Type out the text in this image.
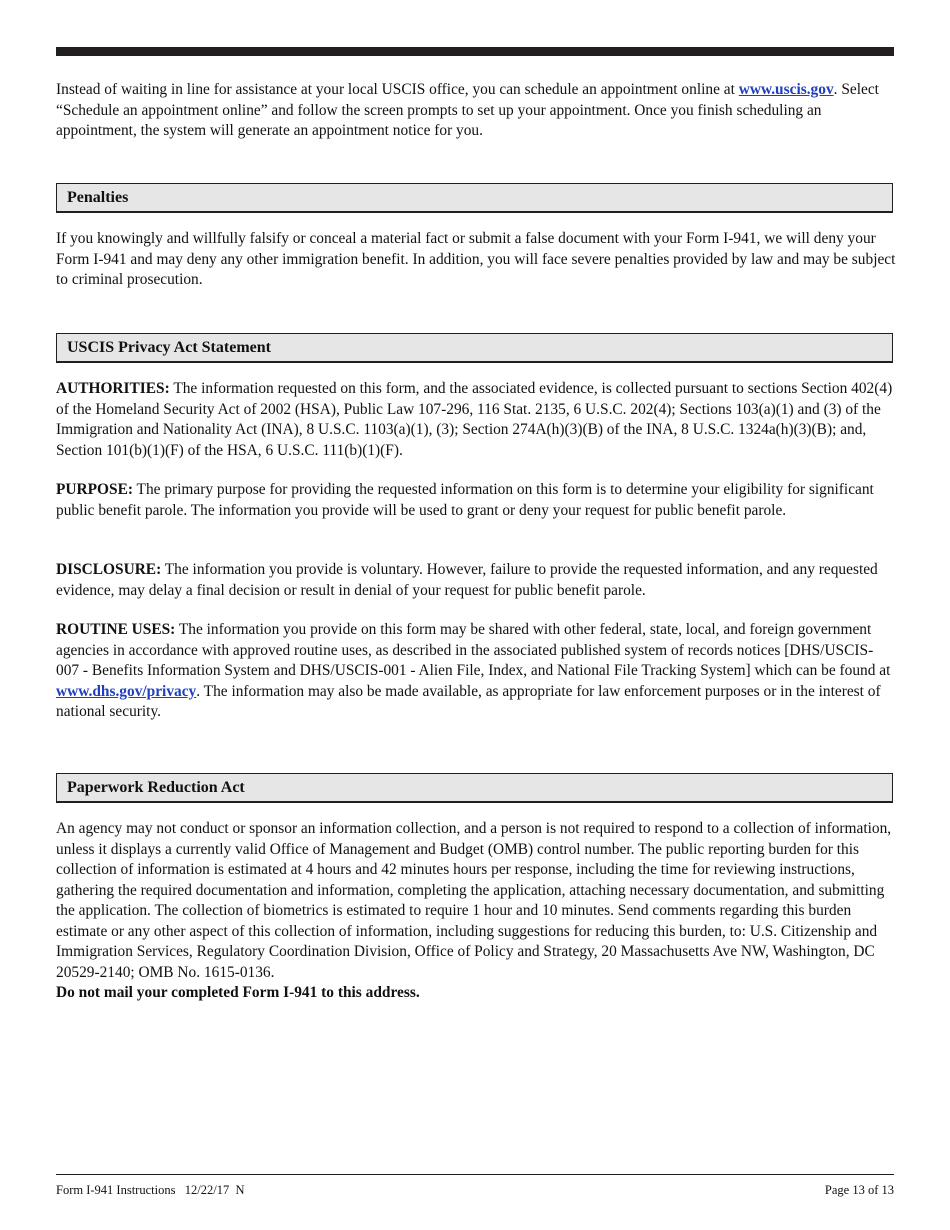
Instead of waiting in line for assistance at your local USCIS office, you can schedule an appointment online at www.uscis.gov. Select “Schedule an appointment online” and follow the screen prompts to set up your appointment. Once you finish scheduling an appointment, the system will generate an appointment notice for you.

Penalties

If you knowingly and willfully falsify or conceal a material fact or submit a false document with your Form I-941, we will deny your Form I-941 and may deny any other immigration benefit. In addition, you will face severe penalties provided by law and may be subject to criminal prosecution.

USCIS Privacy Act Statement

AUTHORITIES: The information requested on this form, and the associated evidence, is collected pursuant to sections Section 402(4) of the Homeland Security Act of 2002 (HSA), Public Law 107-296, 116 Stat. 2135, 6 U.S.C. 202(4); Sections 103(a)(1) and (3) of the Immigration and Nationality Act (INA), 8 U.S.C. 1103(a)(1), (3); Section 274A(h)(3)(B) of the INA, 8 U.S.C. 1324a(h)(3)(B); and, Section 101(b)(1)(F) of the HSA, 6 U.S.C. 111(b)(1)(F).

PURPOSE: The primary purpose for providing the requested information on this form is to determine your eligibility for significant public benefit parole. The information you provide will be used to grant or deny your request for public benefit parole.

DISCLOSURE: The information you provide is voluntary. However, failure to provide the requested information, and any requested evidence, may delay a final decision or result in denial of your request for public benefit parole.

ROUTINE USES: The information you provide on this form may be shared with other federal, state, local, and foreign government agencies in accordance with approved routine uses, as described in the associated published system of records notices [DHS/USCIS-007 - Benefits Information System and DHS/USCIS-001 - Alien File, Index, and National File Tracking System] which can be found at www.dhs.gov/privacy. The information may also be made available, as appropriate for law enforcement purposes or in the interest of national security.

Paperwork Reduction Act

An agency may not conduct or sponsor an information collection, and a person is not required to respond to a collection of information, unless it displays a currently valid Office of Management and Budget (OMB) control number. The public reporting burden for this collection of information is estimated at 4 hours and 42 minutes hours per response, including the time for reviewing instructions, gathering the required documentation and information, completing the application, attaching necessary documentation, and submitting the application. The collection of biometrics is estimated to require 1 hour and 10 minutes. Send comments regarding this burden estimate or any other aspect of this collection of information, including suggestions for reducing this burden, to: U.S. Citizenship and Immigration Services, Regulatory Coordination Division, Office of Policy and Strategy, 20 Massachusetts Ave NW, Washington, DC 20529-2140; OMB No. 1615-0136.
Do not mail your completed Form I-941 to this address.

Form I-941 Instructions   12/22/17  N	Page 13 of 13
